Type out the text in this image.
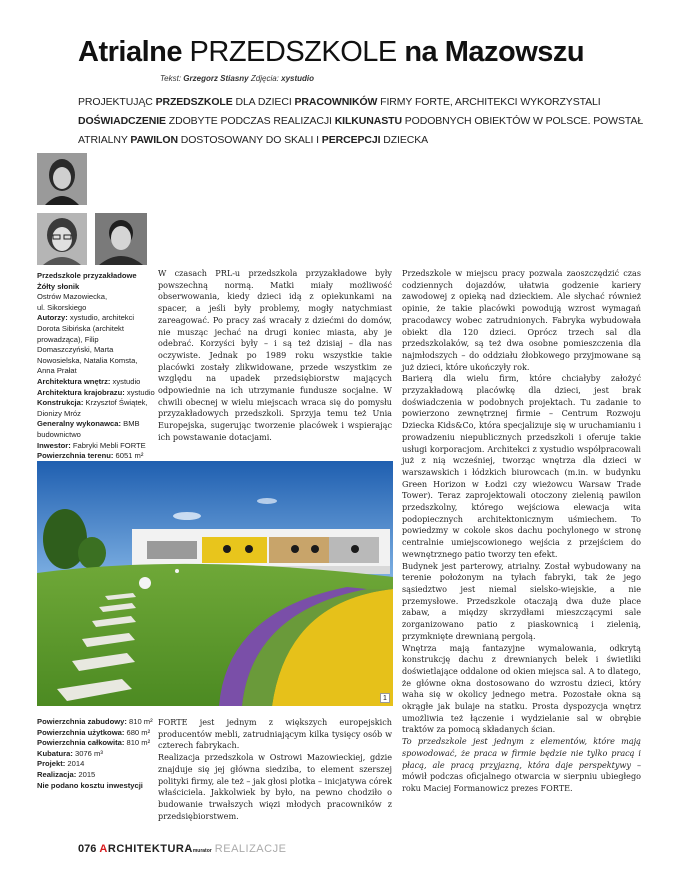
Atrialne PRZEDSZKOLE na Mazowszu
Tekst: Grzegorz Stiasny Zdjęcia: xystudio
PROJEKTUJĄC PRZEDSZKOLE DLA DZIECI PRACOWNIKÓW FIRMY FORTE, ARCHITEKCI WYKORZYSTALI DOŚWIADCZENIE ZDOBYTE PODCZAS REALIZACJI KILKUNASTU PODOBNYCH OBIEKTÓW W POLSCE. POWSTAŁ ATRIALNY PAWILON DOSTOSOWANY DO SKALI I PERCEPCJI DZIECKA
Przedszkole przyzakładowe
Żółty słonik
Ostrów Mazowiecka,
ul. Sikorskiego
Autorzy: xystudio, architekci
Dorota Sibińska (architekt
prowadząca), Filip
Domaszczyński, Marta
Nowosielska, Natalia Komsta,
Anna Prałat
Architektura wnętrz: xystudio
Architektura krajobrazu: xystudio
Konstrukcja: Krzysztof Świątek,
Dionizy Mróz
Generalny wykonawca: BMB
budownictwo
Inwestor: Fabryki Mebli FORTE
Powierzchnia terenu: 6051 m²

W czasach PRL-u przedszkola przyzakładowe były powszechną normą. Matki miały możliwość obserwowania, kiedy dzieci idą z opiekunkami na spacer, a jeśli były problemy, mogły natychmiast zareagować. Po pracy zaś wracały z dziećmi do domów, nie musząc jechać na drugi koniec miasta, aby je odebrać. Korzyści były – i są też dzisiaj – dla nas oczywiste. Jednak po 1989 roku wszystkie takie placówki zostały zlikwidowane, przede wszystkim ze względu na upadek przedsiębiorstw mających odpowiednie na ich utrzymanie fundusze socjalne. W chwili obecnej w wielu miejscach wraca się do pomysłu przyzakładowych przedszkoli. Sprzyja temu też Unia Europejska, sugerując tworzenie placówek i wspierając ich powstawanie dotacjami.

1
Powierzchnia zabudowy: 810 m²
Powierzchnia użytkowa: 680 m²
Powierzchnia całkowita: 810 m²
Kubatura: 3076 m³
Projekt: 2014
Realizacja: 2015
Nie podano kosztu inwestycji

FORTE jest jednym z większych europejskich producentów mebli, zatrudniającym kilka tysięcy osób w czterech fabrykach.

Realizacja przedszkola w Ostrowi Mazowieckiej, gdzie znajduje się jej główna siedziba, to element szerszej polityki firmy, ale też – jak głosi plotka – inicjatywa córek właściciela. Jakkolwiek by było, na pewno chodziło o budowanie trwałszych więzi młodych pracowników z przedsiębiorstwem.

Przedszkole w miejscu pracy pozwala zaoszczędzić czas codziennych dojazdów, ułatwia godzenie kariery zawodowej z opieką nad dzieckiem. Ale słychać również opinie, że takie placówki powodują wzrost wymagań pracodawcy wobec zatrudnionych. Fabryka wybudowała obiekt dla 120 dzieci. Oprócz trzech sal dla przedszkolaków, są też dwa osobne pomieszczenia dla najmłodszych – do oddziału żłobkowego przyjmowane są już dzieci, które ukończyły rok.

Barierą dla wielu firm, które chciałyby założyć przyzakładową placówkę dla dzieci, jest brak doświadczenia w podobnych projektach. Tu zadanie to powierzono zewnętrznej firmie – Centrum Rozwoju Dziecka Kids&Co, która specjalizuje się w uruchamianiu i prowadzeniu niepublicznych przedszkoli i oferuje takie usługi korporacjom. Architekci z xystudio współpracowali już z nią wcześniej, tworząc wnętrza dla dzieci w warszawskich i łódzkich biurowcach (m.in. w budynku Green Horizon w Łodzi czy wieżowcu Warsaw Trade Tower). Teraz zaprojektowali otoczony zielenią pawilon przedszkolny, którego wejściowa elewacja wita podopiecznych architektonicznym uśmiechem. To powiedzmy w cokole skos dachu pochylonego w stronę centralnie umiejscowionego wejścia z przejściem do wewnętrznego patio tworzy ten efekt.

Budynek jest parterowy, atrialny. Został wybudowany na terenie położonym na tyłach fabryki, tak że jego sąsiedztwo jest niemal sielsko-wiejskie, a nie przemysłowe. Przedszkole otaczają dwa duże place zabaw, a między skrzydłami mieszczącymi sale zorganizowano patio z piaskownicą i zielenią, przymknięte drewnianą pergolą.

Wnętrza mają fantazyjne wymalowania, odkrytą konstrukcję dachu z drewnianych belek i świetliki doświetlające oddalone od okien miejsca sal. A to dlatego, że główne okna dostosowano do wzrostu dzieci, który waha się w okolicy jednego metra. Pozostałe okna są okrągłe jak bulaje na statku. Prosta dyspozycja wnętrz umożliwia też łączenie i wydzielanie sal w obrębie traktów za pomocą składanych ścian.

To przedszkole jest jednym z elementów, które mają spowodować, że praca w firmie będzie nie tylko pracą i płacą, ale pracą przyjazną, która daje perspektywy – mówił podczas oficjalnego otwarcia w sierpniu ubiegłego roku Maciej Formanowicz prezes FORTE.

076 ARCHITEKTURAmurator REALIZACJE
